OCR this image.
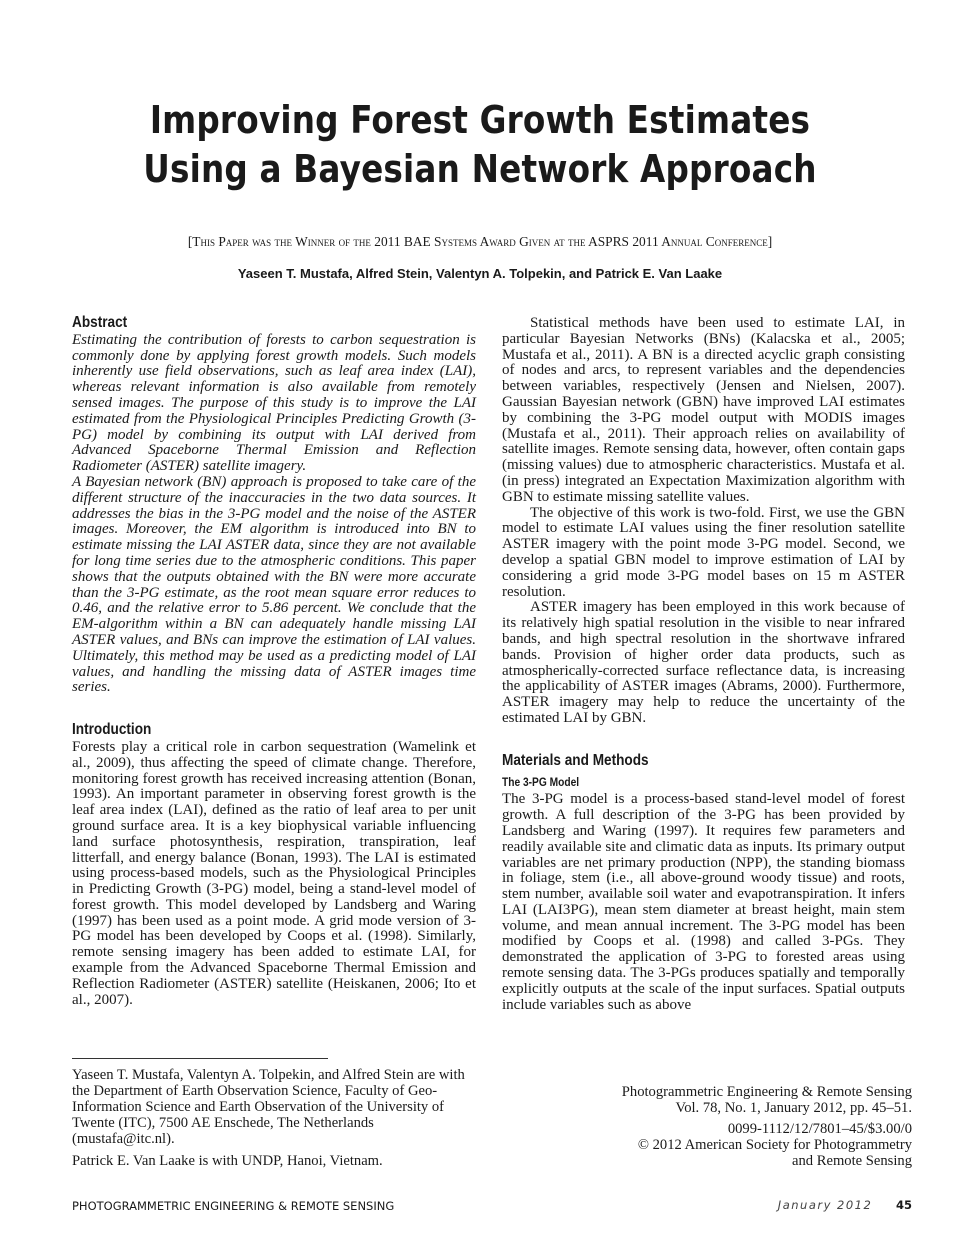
Improving Forest Growth Estimates
Using a Bayesian Network Approach
[This Paper was the Winner of the 2011 BAE Systems Award Given at the ASPRS 2011 Annual Conference]
Yaseen T. Mustafa, Alfred Stein, Valentyn A. Tolpekin, and Patrick E. Van Laake
Abstract

Estimating the contribution of forests to carbon sequestration is commonly done by applying forest growth models. Such models inherently use field observations, such as leaf area index (LAI), whereas relevant information is also available from remotely sensed images. The purpose of this study is to improve the LAI estimated from the Physiological Principles Predicting Growth (3-PG) model by combining its output with LAI derived from Advanced Spaceborne Thermal Emission and Reflection Radiometer (ASTER) satellite imagery.

A Bayesian network (BN) approach is proposed to take care of the different structure of the inaccuracies in the two data sources. It addresses the bias in the 3-PG model and the noise of the ASTER images. Moreover, the EM algorithm is introduced into BN to estimate missing the LAI ASTER data, since they are not available for long time series due to the atmospheric conditions. This paper shows that the outputs obtained with the BN were more accurate than the 3-PG estimate, as the root mean square error reduces to 0.46, and the relative error to 5.86 percent. We conclude that the EM-algorithm within a BN can adequately handle missing LAI ASTER values, and BNs can improve the estimation of LAI values. Ultimately, this method may be used as a predicting model of LAI values, and handling the missing data of ASTER images time series.

Introduction

Forests play a critical role in carbon sequestration (Wamelink et al., 2009), thus affecting the speed of climate change. Therefore, monitoring forest growth has received increasing attention (Bonan, 1993). An important parameter in observing forest growth is the leaf area index (LAI), defined as the ratio of leaf area to per unit ground surface area. It is a key biophysical variable influencing land surface photosynthesis, respiration, transpiration, leaf litterfall, and energy balance (Bonan, 1993). The LAI is estimated using process-based models, such as the Physiological Principles in Predicting Growth (3-PG) model, being a stand-level model of forest growth. This model developed by Landsberg and Waring (1997) has been used as a point mode. A grid mode version of 3-PG model has been developed by Coops et al. (1998). Similarly, remote sensing imagery has been added to estimate LAI, for example from the Advanced Spaceborne Thermal Emission and Reflection Radiometer (ASTER) satellite (Heiskanen, 2006; Ito et al., 2007).

Statistical methods have been used to estimate LAI, in particular Bayesian Networks (BNs) (Kalacska et al., 2005; Mustafa et al., 2011). A BN is a directed acyclic graph consisting of nodes and arcs, to represent variables and the dependencies between variables, respectively (Jensen and Nielsen, 2007). Gaussian Bayesian network (GBN) have improved LAI estimates by combining the 3-PG model output with MODIS images (Mustafa et al., 2011). Their approach relies on availability of satellite images. Remote sensing data, however, often contain gaps (missing values) due to atmospheric characteristics. Mustafa et al. (in press) integrated an Expectation Maximization algorithm with GBN to estimate missing satellite values.

The objective of this work is two-fold. First, we use the GBN model to estimate LAI values using the finer resolution satellite ASTER imagery with the point mode 3-PG model. Second, we develop a spatial GBN model to improve estimation of LAI by considering a grid mode 3-PG model bases on 15 m ASTER resolution.

ASTER imagery has been employed in this work because of its relatively high spatial resolution in the visible to near infrared bands, and high spectral resolution in the shortwave infrared bands. Provision of higher order data products, such as atmospherically-corrected surface reflectance data, is increasing the applicability of ASTER images (Abrams, 2000). Furthermore, ASTER imagery may help to reduce the uncertainty of the estimated LAI by GBN.

Materials and Methods
The 3-PG Model

The 3-PG model is a process-based stand-level model of forest growth. A full description of the 3-PG has been provided by Landsberg and Waring (1997). It requires few parameters and readily available site and climatic data as inputs. Its primary output variables are net primary production (NPP), the standing biomass in foliage, stem (i.e., all above-ground woody tissue) and roots, stem number, available soil water and evapotranspiration. It infers LAI (LAI3PG), mean stem diameter at breast height, main stem volume, and mean annual increment. The 3-PG model has been modified by Coops et al. (1998) and called 3-PGs. They demonstrated the application of 3-PG to forested areas using remote sensing data. The 3-PGs produces spatially and temporally explicitly outputs at the scale of the input surfaces. Spatial outputs include variables such as above

Yaseen T. Mustafa, Valentyn A. Tolpekin, and Alfred Stein are with the Department of Earth Observation Science, Faculty of Geo-Information Science and Earth Observation of the University of Twente (ITC), 7500 AE Enschede, The Netherlands (mustafa@itc.nl).
Patrick E. Van Laake is with UNDP, Hanoi, Vietnam.
Photogrammetric Engineering & Remote Sensing
Vol. 78, No. 1, January 2012, pp. 45–51.
0099-1112/12/7801–45/$3.00/0
© 2012 American Society for Photogrammetry
and Remote Sensing
PHOTOGRAMMETRIC ENGINEERING & REMOTE SENSING	January 2012 45
